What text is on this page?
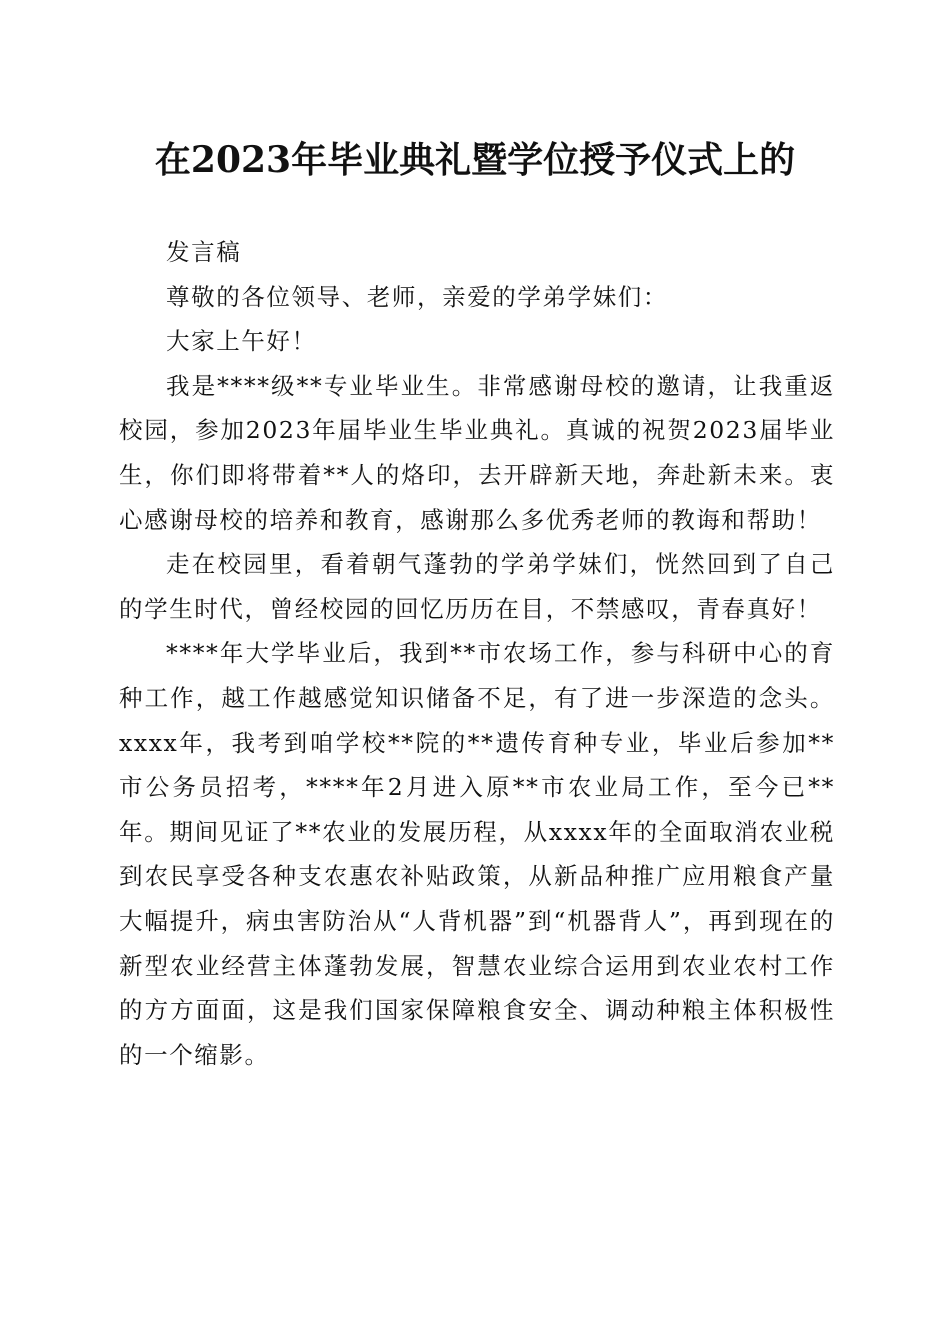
在2023年毕业典礼暨学位授予仪式上的

发言稿

尊敬的各位领导、老师，亲爱的学弟学妹们：

大家上午好！

我是****级**专业毕业生。非常感谢母校的邀请，让我重返校园，参加2023年届毕业生毕业典礼。真诚的祝贺2023届毕业生，你们即将带着**人的烙印，去开辟新天地，奔赴新未来。衷心感谢母校的培养和教育，感谢那么多优秀老师的教诲和帮助！

走在校园里，看着朝气蓬勃的学弟学妹们，恍然回到了自己的学生时代，曾经校园的回忆历历在目，不禁感叹，青春真好！

****年大学毕业后，我到**市农场工作，参与科研中心的育种工作，越工作越感觉知识储备不足，有了进一步深造的念头。xxxx年，我考到咱学校**院的**遗传育种专业，毕业后参加**市公务员招考，****年2月进入原**市农业局工作，至今已**年。期间见证了**农业的发展历程，从xxxx年的全面取消农业税到农民享受各种支农惠农补贴政策，从新品种推广应用粮食产量大幅提升，病虫害防治从“人背机器”到“机器背人”，再到现在的新型农业经营主体蓬勃发展，智慧农业综合运用到农业农村工作的方方面面，这是我们国家保障粮食安全、调动种粮主体积极性的一个缩影。
